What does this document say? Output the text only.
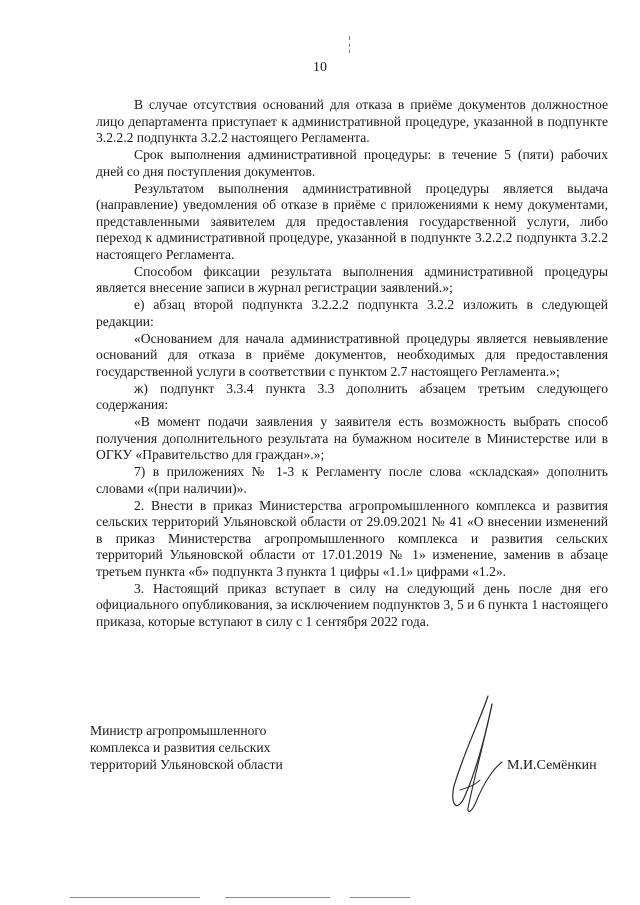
10

В случае отсутствия оснований для отказа в приёме документов должностное лицо департамента приступает к административной процедуре, указанной в подпункте 3.2.2.2 подпункта 3.2.2 настоящего Регламента.

Срок выполнения административной процедуры: в течение 5 (пяти) рабочих дней со дня поступления документов.

Результатом выполнения административной процедуры является выдача (направление) уведомления об отказе в приёме с приложениями к нему документами, представленными заявителем для предоставления государственной услуги, либо переход к административной процедуре, указанной в подпункте 3.2.2.2 подпункта 3.2.2 настоящего Регламента.

Способом фиксации результата выполнения административной процедуры является внесение записи в журнал регистрации заявлений.»;

е) абзац второй подпункта 3.2.2.2 подпункта 3.2.2 изложить в следующей редакции:

«Основанием для начала административной процедуры является невыявление оснований для отказа в приёме документов, необходимых для предоставления государственной услуги в соответствии с пунктом 2.7 настоящего Регламента.»;

ж) подпункт 3.3.4 пункта 3.3 дополнить абзацем третьим следующего содержания:

«В момент подачи заявления у заявителя есть возможность выбрать способ получения дополнительного результата на бумажном носителе в Министерстве или в ОГКУ «Правительство для граждан».»;

7) в приложениях № 1-3 к Регламенту после слова «складская» дополнить словами «(при наличии)».

2. Внести в приказ Министерства агропромышленного комплекса и развития сельских территорий Ульяновской области от 29.09.2021 № 41 «О внесении изменений в приказ Министерства агропромышленного комплекса и развития сельских территорий Ульяновской области от 17.01.2019 № 1» изменение, заменив в абзаце третьем пункта «б» подпункта 3 пункта 1 цифры «1.1» цифрами «1.2».

3. Настоящий приказ вступает в силу на следующий день после дня его официального опубликования, за исключением подпунктов 3, 5 и 6 пункта 1 настоящего приказа, которые вступают в силу с 1 сентября 2022 года.

Министр агропромышленного
комплекса и развития сельских
территорий Ульяновской области	М.И.Семёнкин
